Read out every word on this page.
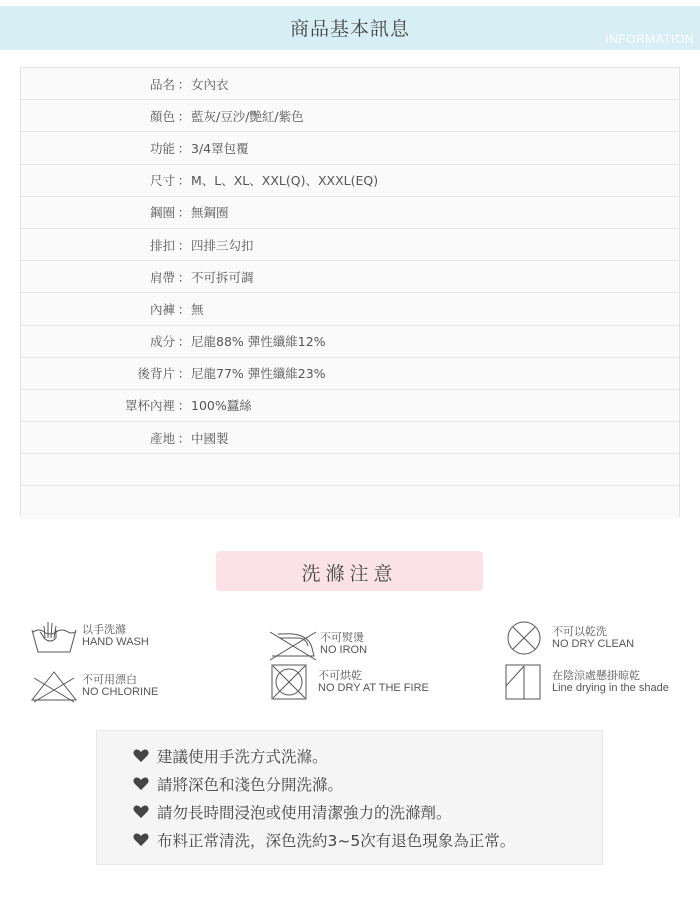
商品基本訊息	INFORMATION
品名 ： 女內衣
顏色 ： 藍灰/豆沙/艷紅/紫色
功能 ： 3/4罩包覆
尺寸 ： M、L、XL、XXL(Q)、XXXL(EQ)
鋼圈 ： 無鋼圈
排扣 ： 四排三勾扣
肩帶 ： 不可拆可調
內褲 ： 無
成分 ： 尼龍88% 彈性纖維12%
後背片 ： 尼龍77% 彈性纖維23%
罩杯內裡 ： 100%蠶絲
產地 ： 中國製
洗滌注意
以手洗滌
HAND WASH	不可熨燙
NO IRON
不可以乾洗
NO DRY CLEAN
不可用漂白
NO CHLORINE
不可烘乾
NO DRY AT THE FIRE
在陰涼處懸掛晾乾
Line drying in the shade
建議使用手洗方式洗滌。
請將深色和淺色分開洗滌。
請勿長時間浸泡或使用清潔強力的洗滌劑。
布料正常清洗，深色洗約3~5次有退色現象為正常。
